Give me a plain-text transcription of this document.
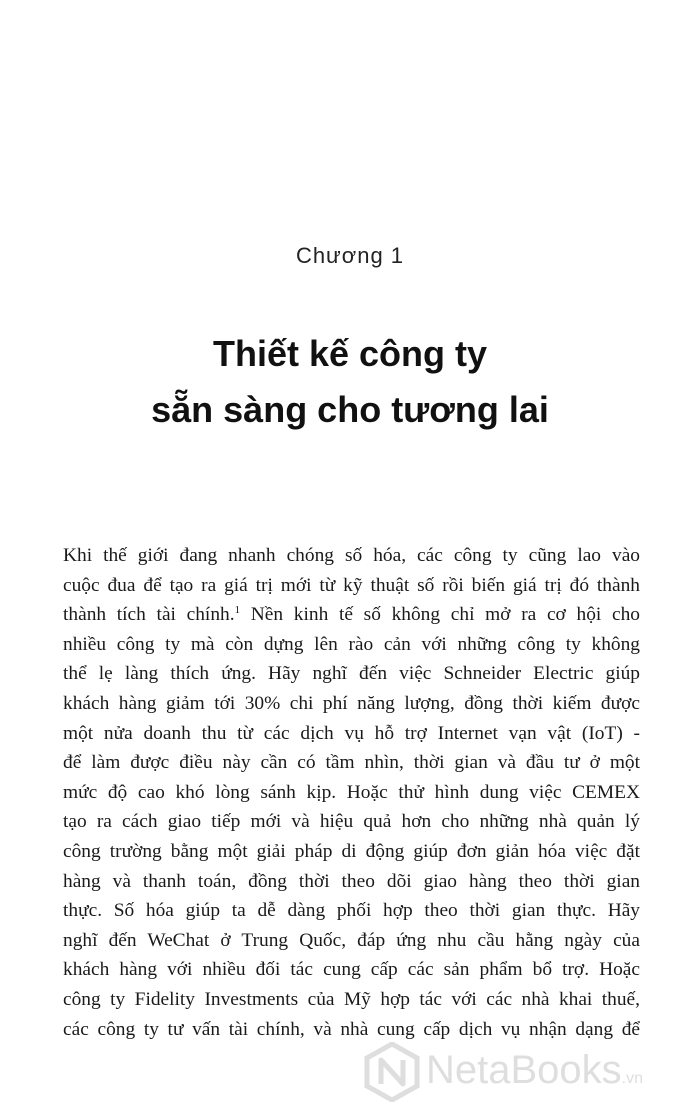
Chương 1
Thiết kế công ty
sẵn sàng cho tương lai
Khi thế giới đang nhanh chóng số hóa, các công ty cũng lao vào
cuộc đua để tạo ra giá trị mới từ kỹ thuật số rồi biến giá trị đó thành
thành tích tài chính.$^1$ Nền kinh tế số không chỉ mở ra cơ hội cho
nhiều công ty mà còn dựng lên rào cản với những công ty không
thể lẹ làng thích ứng. Hãy nghĩ đến việc Schneider Electric giúp
khách hàng giảm tới 30% chi phí năng lượng, đồng thời kiếm được
một nửa doanh thu từ các dịch vụ hỗ trợ Internet vạn vật (IoT) -
để làm được điều này cần có tầm nhìn, thời gian và đầu tư ở một
mức độ cao khó lòng sánh kịp. Hoặc thử hình dung việc CEMEX
tạo ra cách giao tiếp mới và hiệu quả hơn cho những nhà quản lý
công trường bằng một giải pháp di động giúp đơn giản hóa việc đặt
hàng và thanh toán, đồng thời theo dõi giao hàng theo thời gian
thực. Số hóa giúp ta dễ dàng phối hợp theo thời gian thực. Hãy
nghĩ đến WeChat ở Trung Quốc, đáp ứng nhu cầu hằng ngày của
khách hàng với nhiều đối tác cung cấp các sản phẩm bổ trợ. Hoặc
công ty Fidelity Investments của Mỹ hợp tác với các nhà khai thuế,
các công ty tư vấn tài chính, và nhà cung cấp dịch vụ nhận dạng để
NetaBooks.vn
